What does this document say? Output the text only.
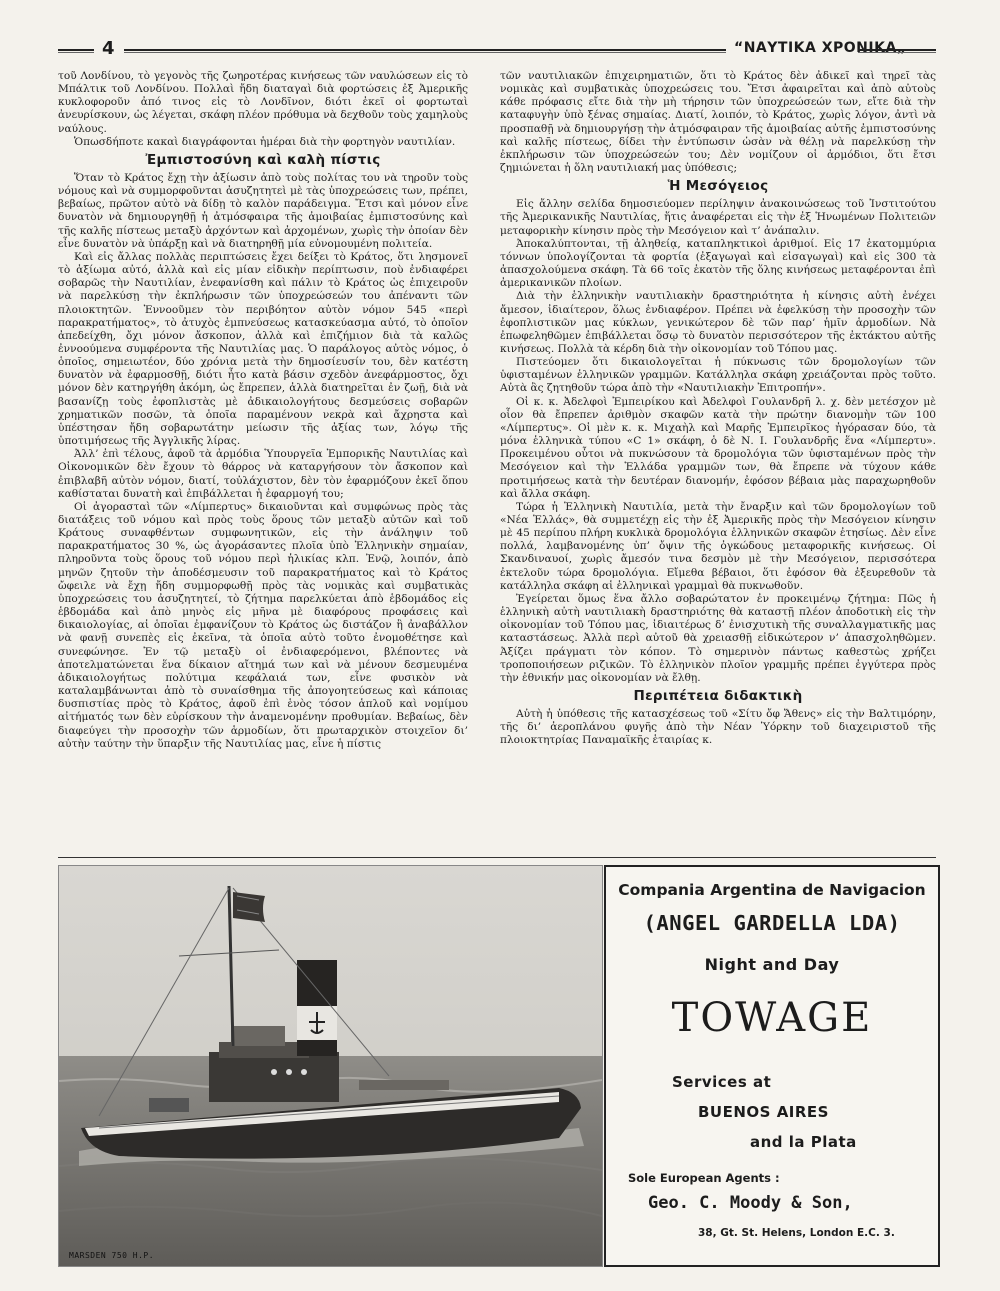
4	“ΝΑΥΤΙΚΑ ΧΡΟΝΙΚΑ„

τοῦ Λονδίνου, τὸ γεγονὸς τῆς ζωηροτέρας κινήσεως τῶν ναυλώσεων εἰς τὸ Μπάλτικ τοῦ Λονδίνου. Πολλαὶ ἤδη διαταγαὶ διὰ φορτώσεις ἐξ Ἀμερικῆς κυκλοφοροῦν ἀπό τινος εἰς τὸ Λονδῖνον, διότι ἐκεῖ οἱ φορτωταὶ ἀνευρίσκουν, ὡς λέγεται, σκάφη πλέον πρόθυμα νὰ δεχθοῦν τοὺς χαμηλοὺς ναύλους.

Ὁπωσδήποτε κακαὶ διαγράφονται ἡμέραι διὰ τὴν φορτηγὸν ναυτιλίαν.

Ἐμπιστοσύνη καὶ καλὴ πίστις

Ὅταν τὸ Κράτος ἔχῃ τὴν ἀξίωσιν ἀπὸ τοὺς πολίτας του νὰ τηροῦν τοὺς νόμους καὶ νὰ συμμορφοῦνται ἀσυζητητεὶ μὲ τὰς ὑποχρεώσεις των, πρέπει, βεβαίως, πρῶτον αὐτὸ νὰ δίδῃ τὸ καλὸν παράδειγμα. Ἔτσι καὶ μόνον εἶνε δυνατὸν νὰ δημιουργηθῇ ἡ ἀτμόσφαιρα τῆς ἀμοιβαίας ἐμπιστοσύνης καὶ τῆς καλῆς πίστεως μεταξὺ ἀρχόντων καὶ ἀρχομένων, χωρὶς τὴν ὁποίαν δὲν εἶνε δυνατὸν νὰ ὑπάρξῃ καὶ νὰ διατηρηθῇ μία εὐνομουμένη πολιτεία.

Καὶ εἰς ἄλλας πολλὰς περιπτώσεις ἔχει δείξει τὸ Κράτος, ὅτι λησμονεῖ τὸ ἀξίωμα αὐτό, ἀλλὰ καὶ εἰς μίαν εἰδικὴν περίπτωσιν, ποὺ ἐνδιαφέρει σοβαρῶς τὴν Ναυτιλίαν, ἐνεφανίσθη καὶ πάλιν τὸ Κράτος ὡς ἐπιχειροῦν νὰ παρελκύσῃ τὴν ἐκπλήρωσιν τῶν ὑποχρεώσεών του ἀπέναντι τῶν πλοιοκτητῶν. Ἐννοοῦμεν τὸν περιβόητον αὐτὸν νόμον 545 «περὶ παρακρατήματος», τὸ ἀτυχὸς ἐμπνεύσεως κατασκεύασμα αὐτό, τὸ ὁποῖον ἀπεδείχθη, ὄχι μόνον ἄσκοπον, ἀλλὰ καὶ ἐπιζήμιον διὰ τὰ καλῶς ἐννοούμενα συμφέροντα τῆς Ναυτιλίας μας. Ὁ παράλογος αὐτὸς νόμος, ὁ ὁποῖος, σημειωτέον, δύο χρόνια μετὰ τὴν δημοσίευσίν του, δὲν κατέστη δυνατὸν νὰ ἐφαρμοσθῇ, διότι ἦτο κατὰ βάσιν σχεδὸν ἀνεφάρμοστος, ὄχι μόνον δὲν κατηργήθη ἀκόμη, ὡς ἔπρεπεν, ἀλλὰ διατηρεῖται ἐν ζωῇ, διὰ νὰ βασανίζῃ τοὺς ἐφοπλιστὰς μὲ ἀδικαιολογήτους δεσμεύσεις σοβαρῶν χρηματικῶν ποσῶν, τὰ ὁποῖα παραμένουν νεκρὰ καὶ ἄχρηστα καὶ ὑπέστησαν ἤδη σοβαρωτάτην μείωσιν τῆς ἀξίας των, λόγῳ τῆς ὑποτιμήσεως τῆς Ἀγγλικῆς λίρας.

Ἀλλ’ ἐπὶ τέλους, ἀφοῦ τὰ ἁρμόδια Ὑπουργεῖα Ἐμπορικῆς Ναυτιλίας καὶ Οἰκονομικῶν δὲν ἔχουν τὸ θάρρος νὰ καταργήσουν τὸν ἄσκοπον καὶ ἐπιβλαβῆ αὐτὸν νόμον, διατί, τοὐλάχιστον, δὲν τὸν ἐφαρμόζουν ἐκεῖ ὅπου καθίσταται δυνατὴ καὶ ἐπιβάλλεται ἡ ἐφαρμογή του;

Οἱ ἀγορασταὶ τῶν «Λίμπερτυς» δικαιοῦνται καὶ συμφώνως πρὸς τὰς διατάξεις τοῦ νόμου καὶ πρὸς τοὺς ὅρους τῶν μεταξὺ αὐτῶν καὶ τοῦ Κράτους συναφθέντων συμφωνητικῶν, εἰς τὴν ἀνάληψιν τοῦ παρακρατήματος 30 %, ὡς ἀγοράσαντες πλοῖα ὑπὸ Ἑλληνικὴν σημαίαν, πληροῦντα τοὺς ὅρους τοῦ νόμου περὶ ἡλικίας κλπ. Ἐνῷ, λοιπόν, ἀπὸ μηνῶν ζητοῦν τὴν ἀποδέσμευσιν τοῦ παρακρατήματος καὶ τὸ Κράτος ὤφειλε νὰ ἔχῃ ἤδη συμμορφωθῇ πρὸς τὰς νομικὰς καὶ συμβατικὰς ὑποχρεώσεις του ἀσυζητητεί, τὸ ζήτημα παρελκύεται ἀπὸ ἑβδομάδος εἰς ἑβδομάδα καὶ ἀπὸ μηνὸς εἰς μῆνα μὲ διαφόρους προφάσεις καὶ δικαιολογίας, αἱ ὁποῖαι ἐμφανίζουν τὸ Κράτος ὡς διστάζον ἢ ἀναβάλλον νὰ φανῇ συνεπὲς εἰς ἐκεῖνα, τὰ ὁποῖα αὐτὸ τοῦτο ἐνομοθέτησε καὶ συνεφώνησε. Ἐν τῷ μεταξὺ οἱ ἐνδιαφερόμενοι, βλέποντες νὰ ἀποτελματώνεται ἕνα δίκαιον αἴτημά των καὶ νὰ μένουν δεσμευμένα ἀδικαιολογήτως πολύτιμα κεφάλαιά των, εἶνε φυσικὸν νὰ καταλαμβάνωνται ἀπὸ τὸ συναίσθημα τῆς ἀπογοητεύσεως καὶ κάποιας δυσπιστίας πρὸς τὸ Κράτος, ἀφοῦ ἐπὶ ἑνὸς τόσον ἁπλοῦ καὶ νομίμου αἰτήματός των δὲν εὑρίσκουν τὴν ἀναμενομένην προθυμίαν. Βεβαίως, δὲν διαφεύγει τὴν προσοχὴν τῶν ἁρμοδίων, ὅτι πρωταρχικὸν στοιχεῖον δι’ αὐτὴν ταύτην τὴν ὕπαρξιν τῆς Ναυτιλίας μας, εἶνε ἡ πίστις

τῶν ναυτιλιακῶν ἐπιχειρηματιῶν, ὅτι τὸ Κράτος δὲν ἀδικεῖ καὶ τηρεῖ τὰς νομικὰς καὶ συμβατικὰς ὑποχρεώσεις του. Ἔτσι ἀφαιρεῖται καὶ ἀπὸ αὐτοὺς κάθε πρόφασις εἴτε διὰ τὴν μὴ τήρησιν τῶν ὑποχρεώσεών των, εἴτε διὰ τὴν καταφυγὴν ὑπὸ ξένας σημαίας. Διατί, λοιπόν, τὸ Κράτος, χωρὶς λόγον, ἀντὶ νὰ προσπαθῇ νὰ δημιουργήσῃ τὴν ἀτμόσφαιραν τῆς ἀμοιβαίας αὐτῆς ἐμπιστοσύνης καὶ καλῆς πίστεως, δίδει τὴν ἐντύπωσιν ὡσὰν νὰ θέλῃ νὰ παρελκύσῃ τὴν ἐκπλήρωσιν τῶν ὑποχρεώσεών του; Δὲν νομίζουν οἱ ἁρμόδιοι, ὅτι ἔτσι ζημιώνεται ἡ ὅλη ναυτιλιακή μας ὑπόθεσις;

Ἡ Μεσόγειος

Εἰς ἄλλην σελίδα δημοσιεύομεν περίληψιν ἀνακοινώσεως τοῦ Ἰνστιτούτου τῆς Ἀμερικανικῆς Ναυτιλίας, ἥτις ἀναφέρεται εἰς τὴν ἐξ Ἡνωμένων Πολιτειῶν μεταφορικὴν κίνησιν πρὸς τὴν Μεσόγειον καὶ τ’ ἀνάπαλιν.

Ἀποκαλύπτονται, τῇ ἀληθείᾳ, καταπληκτικοὶ ἀριθμοί. Εἰς 17 ἑκατομμύρια τόννων ὑπολογίζονται τὰ φορτία (ἐξαγωγαὶ καὶ εἰσαγωγαὶ) καὶ εἰς 300 τὰ ἀπασχολούμενα σκάφη. Τὰ 66 τοῖς ἑκατὸν τῆς ὅλης κινήσεως μεταφέρονται ἐπὶ ἀμερικανικῶν πλοίων.

Διὰ τὴν ἑλληνικὴν ναυτιλιακὴν δραστηριότητα ἡ κίνησις αὐτὴ ἐνέχει ἄμεσον, ἰδιαίτερον, ὅλως ἐνδιαφέρον. Πρέπει νὰ ἐφελκύσῃ τὴν προσοχὴν τῶν ἐφοπλιστικῶν μας κύκλων, γενικώτερον δὲ τῶν παρ’ ἡμῖν ἁρμοδίων. Νὰ ἐπωφεληθῶμεν ἐπιβάλλεται ὅσῳ τὸ δυνατὸν περισσότερον τῆς ἐκτάκτου αὐτῆς κινήσεως. Πολλὰ τὰ κέρδη διὰ τὴν οἰκονομίαν τοῦ Τόπου μας.

Πιστεύομεν ὅτι δικαιολογεῖται ἡ πύκνωσις τῶν δρομολογίων τῶν ὑφισταμένων ἑλληνικῶν γραμμῶν. Κατάλληλα σκάφη χρειάζονται πρὸς τοῦτο. Αὐτὰ ἂς ζητηθοῦν τώρα ἀπὸ τὴν «Ναυτιλιακὴν Ἐπιτροπήν».

Οἱ κ. κ. Ἀδελφοὶ Ἐμπειρίκου καὶ Ἀδελφοὶ Γουλανδρῆ λ. χ. δὲν μετέσχον μὲ οἷον θὰ ἔπρεπεν ἀριθμὸν σκαφῶν κατὰ τὴν πρώτην διανομὴν τῶν 100 «Λίμπερτυς». Οἱ μὲν κ. κ. Μιχαὴλ καὶ Μαρῆς Ἐμπειρῖκος ἠγόρασαν δύο, τὰ μόνα ἑλληνικὰ τύπου «C 1» σκάφη, ὁ δὲ Ν. Ι. Γουλανδρῆς ἕνα «Λίμπερτυ». Προκειμένου οὗτοι νὰ πυκνώσουν τὰ δρομολόγια τῶν ὑφισταμένων πρὸς τὴν Μεσόγειον καὶ τὴν Ἑλλάδα γραμμῶν των, θὰ ἔπρεπε νὰ τύχουν κάθε προτιμήσεως κατὰ τὴν δευτέραν διανομήν, ἐφόσον βέβαια μὰς παραχωρηθοῦν καὶ ἄλλα σκάφη.

Τώρα ἡ Ἑλληνικὴ Ναυτιλία, μετὰ τὴν ἔναρξιν καὶ τῶν δρομολογίων τοῦ «Νέα Ἑλλάς», θὰ συμμετέχῃ εἰς τὴν ἐξ Ἀμερικῆς πρὸς τὴν Μεσόγειον κίνησιν μὲ 45 περίπου πλήρη κυκλικὰ δρομολόγια ἑλληνικῶν σκαφῶν ἐτησίως. Δὲν εἶνε πολλά, λαμβανομένης ὑπ’ ὄψιν τῆς ὀγκώδους μεταφορικῆς κινήσεως. Οἱ Σκανδιναυοί, χωρὶς ἄμεσόν τινα δεσμὸν μὲ τὴν Μεσόγειον, περισσότερα ἐκτελοῦν τώρα δρομολόγια. Εἴμεθα βέβαιοι, ὅτι ἐφόσον θὰ ἐξευρεθοῦν τὰ κατάλληλα σκάφη αἱ ἑλληνικαὶ γραμμαὶ θὰ πυκνωθοῦν.

Ἐγείρεται ὅμως ἕνα ἄλλο σοβαρώτατον ἐν προκειμένῳ ζήτημα: Πῶς ἡ ἑλληνικὴ αὐτὴ ναυτιλιακὴ δραστηριότης θὰ καταστῇ πλέον ἀποδοτικὴ εἰς τὴν οἰκονομίαν τοῦ Τόπου μας, ἰδιαιτέρως δ’ ἐνισχυτικὴ τῆς συναλλαγματικῆς μας καταστάσεως. Ἀλλὰ περὶ αὐτοῦ θὰ χρειασθῇ εἰδικώτερον ν’ ἀπασχοληθῶμεν. Ἀξίζει πράγματι τὸν κόπον. Τὸ σημερινὸν πάντως καθεστὼς χρήζει τροποποιήσεων ριζικῶν. Τὸ ἑλληνικὸν πλοῖον γραμμῆς πρέπει ἐγγύτερα πρὸς τὴν ἐθνικήν μας οἰκονομίαν νὰ ἔλθῃ.

Περιπέτεια διδακτικὴ

Αὐτὴ ἡ ὑπόθεσις τῆς κατασχέσεως τοῦ «Σίτυ ὄφ Ἄθενς» εἰς τὴν Βαλτιμόρην, τῆς δι’ ἀεροπλάνου φυγῆς ἀπὸ τὴν Νέαν Ὑόρκην τοῦ διαχειριστοῦ τῆς πλοιοκτητρίας Παναμαϊκῆς ἑταιρίας κ.

MARSDEN 750 H.P.
Compania Argentina de Navigacion
(ANGEL GARDELLA LDA)
Night and Day
TOWAGE
Services at
BUENOS AIRES
and la Plata
Sole European Agents :
Geo. C. Moody & Son,
38, Gt. St. Helens, London E.C. 3.
